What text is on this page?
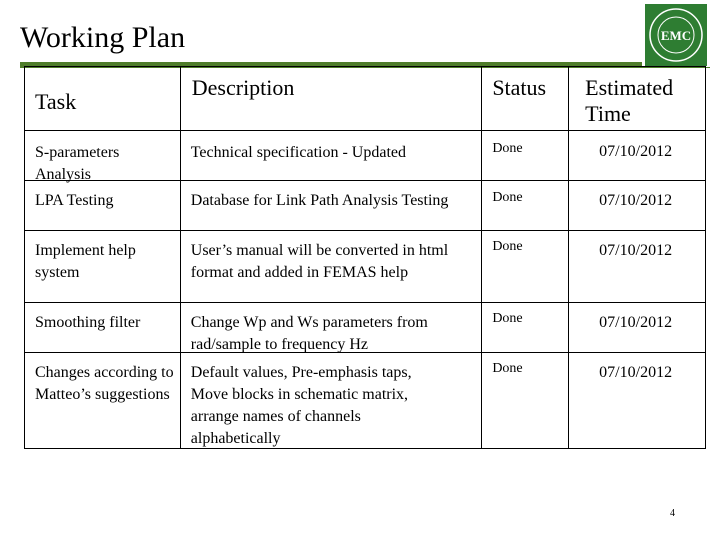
Working Plan	EMC
Task	Description	Status	Estimated Time

S-parameters Analysis	Technical specification - Updated	Done	07/10/2012

LPA Testing	Database for Link Path Analysis Testing	Done	07/10/2012

Implement help system	User’s manual will be converted in html format and added in FEMAS help	Done	07/10/2012

Smoothing filter	Change Wp and Ws parameters from rad/sample to frequency Hz	Done	07/10/2012

Changes according to Matteo’s suggestions	Default values, Pre-emphasis taps, Move blocks in schematic matrix, arrange names of channels alphabetically	Done	07/10/2012
4
